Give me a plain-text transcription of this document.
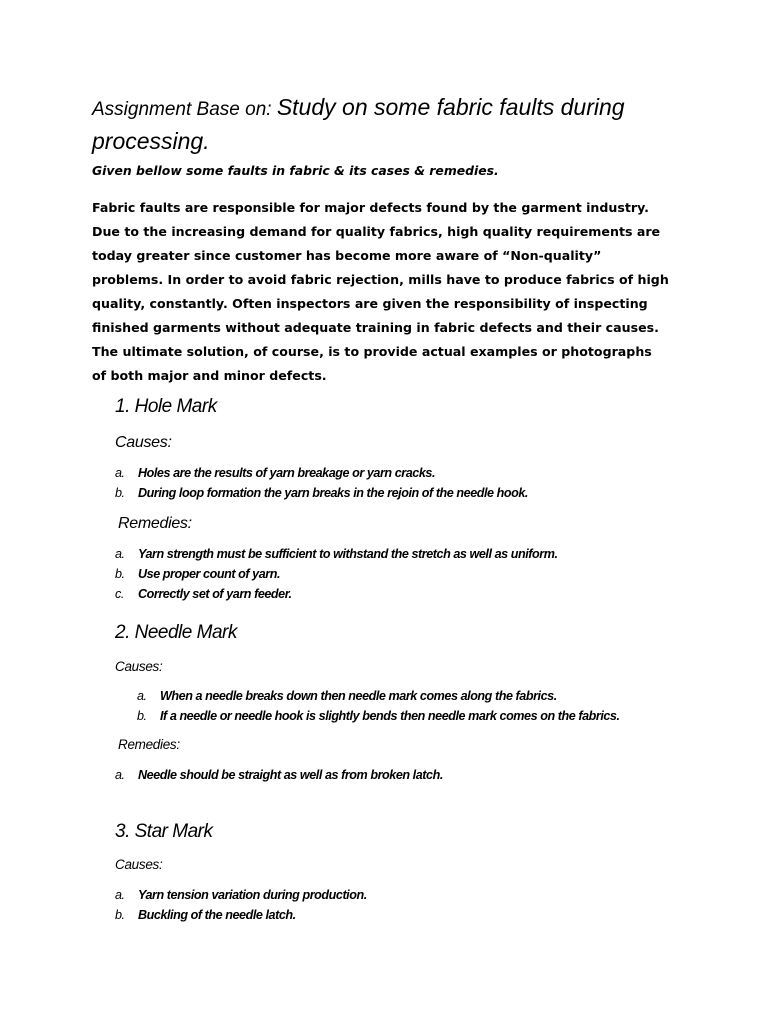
Assignment Base on: Study on some fabric faults during processing.

Given bellow some faults in fabric & its cases & remedies.

Fabric faults are responsible for major defects found by the garment industry.
Due to the increasing demand for quality fabrics, high quality requirements are
today greater since customer has become more aware of “Non-quality”
problems. In order to avoid fabric rejection, mills have to produce fabrics of high
quality, constantly. Often inspectors are given the responsibility of inspecting
finished garments without adequate training in fabric defects and their causes.
The ultimate solution, of course, is to provide actual examples or photographs
of both major and minor defects.

1. Hole Mark

Causes:

a. Holes are the results of yarn breakage or yarn cracks.
b. During loop formation the yarn breaks in the rejoin of the needle hook.

Remedies:

a. Yarn strength must be sufficient to withstand the stretch as well as uniform.
b. Use proper count of yarn.
c. Correctly set of yarn feeder.
2. Needle Mark

Causes:

a. When a needle breaks down then needle mark comes along the fabrics.
b. If a needle or needle hook is slightly bends then needle mark comes on the fabrics.

Remedies:

a. Needle should be straight as well as from broken latch.
3. Star Mark

Causes:

a. Yarn tension variation during production.
b. Buckling of the needle latch.
